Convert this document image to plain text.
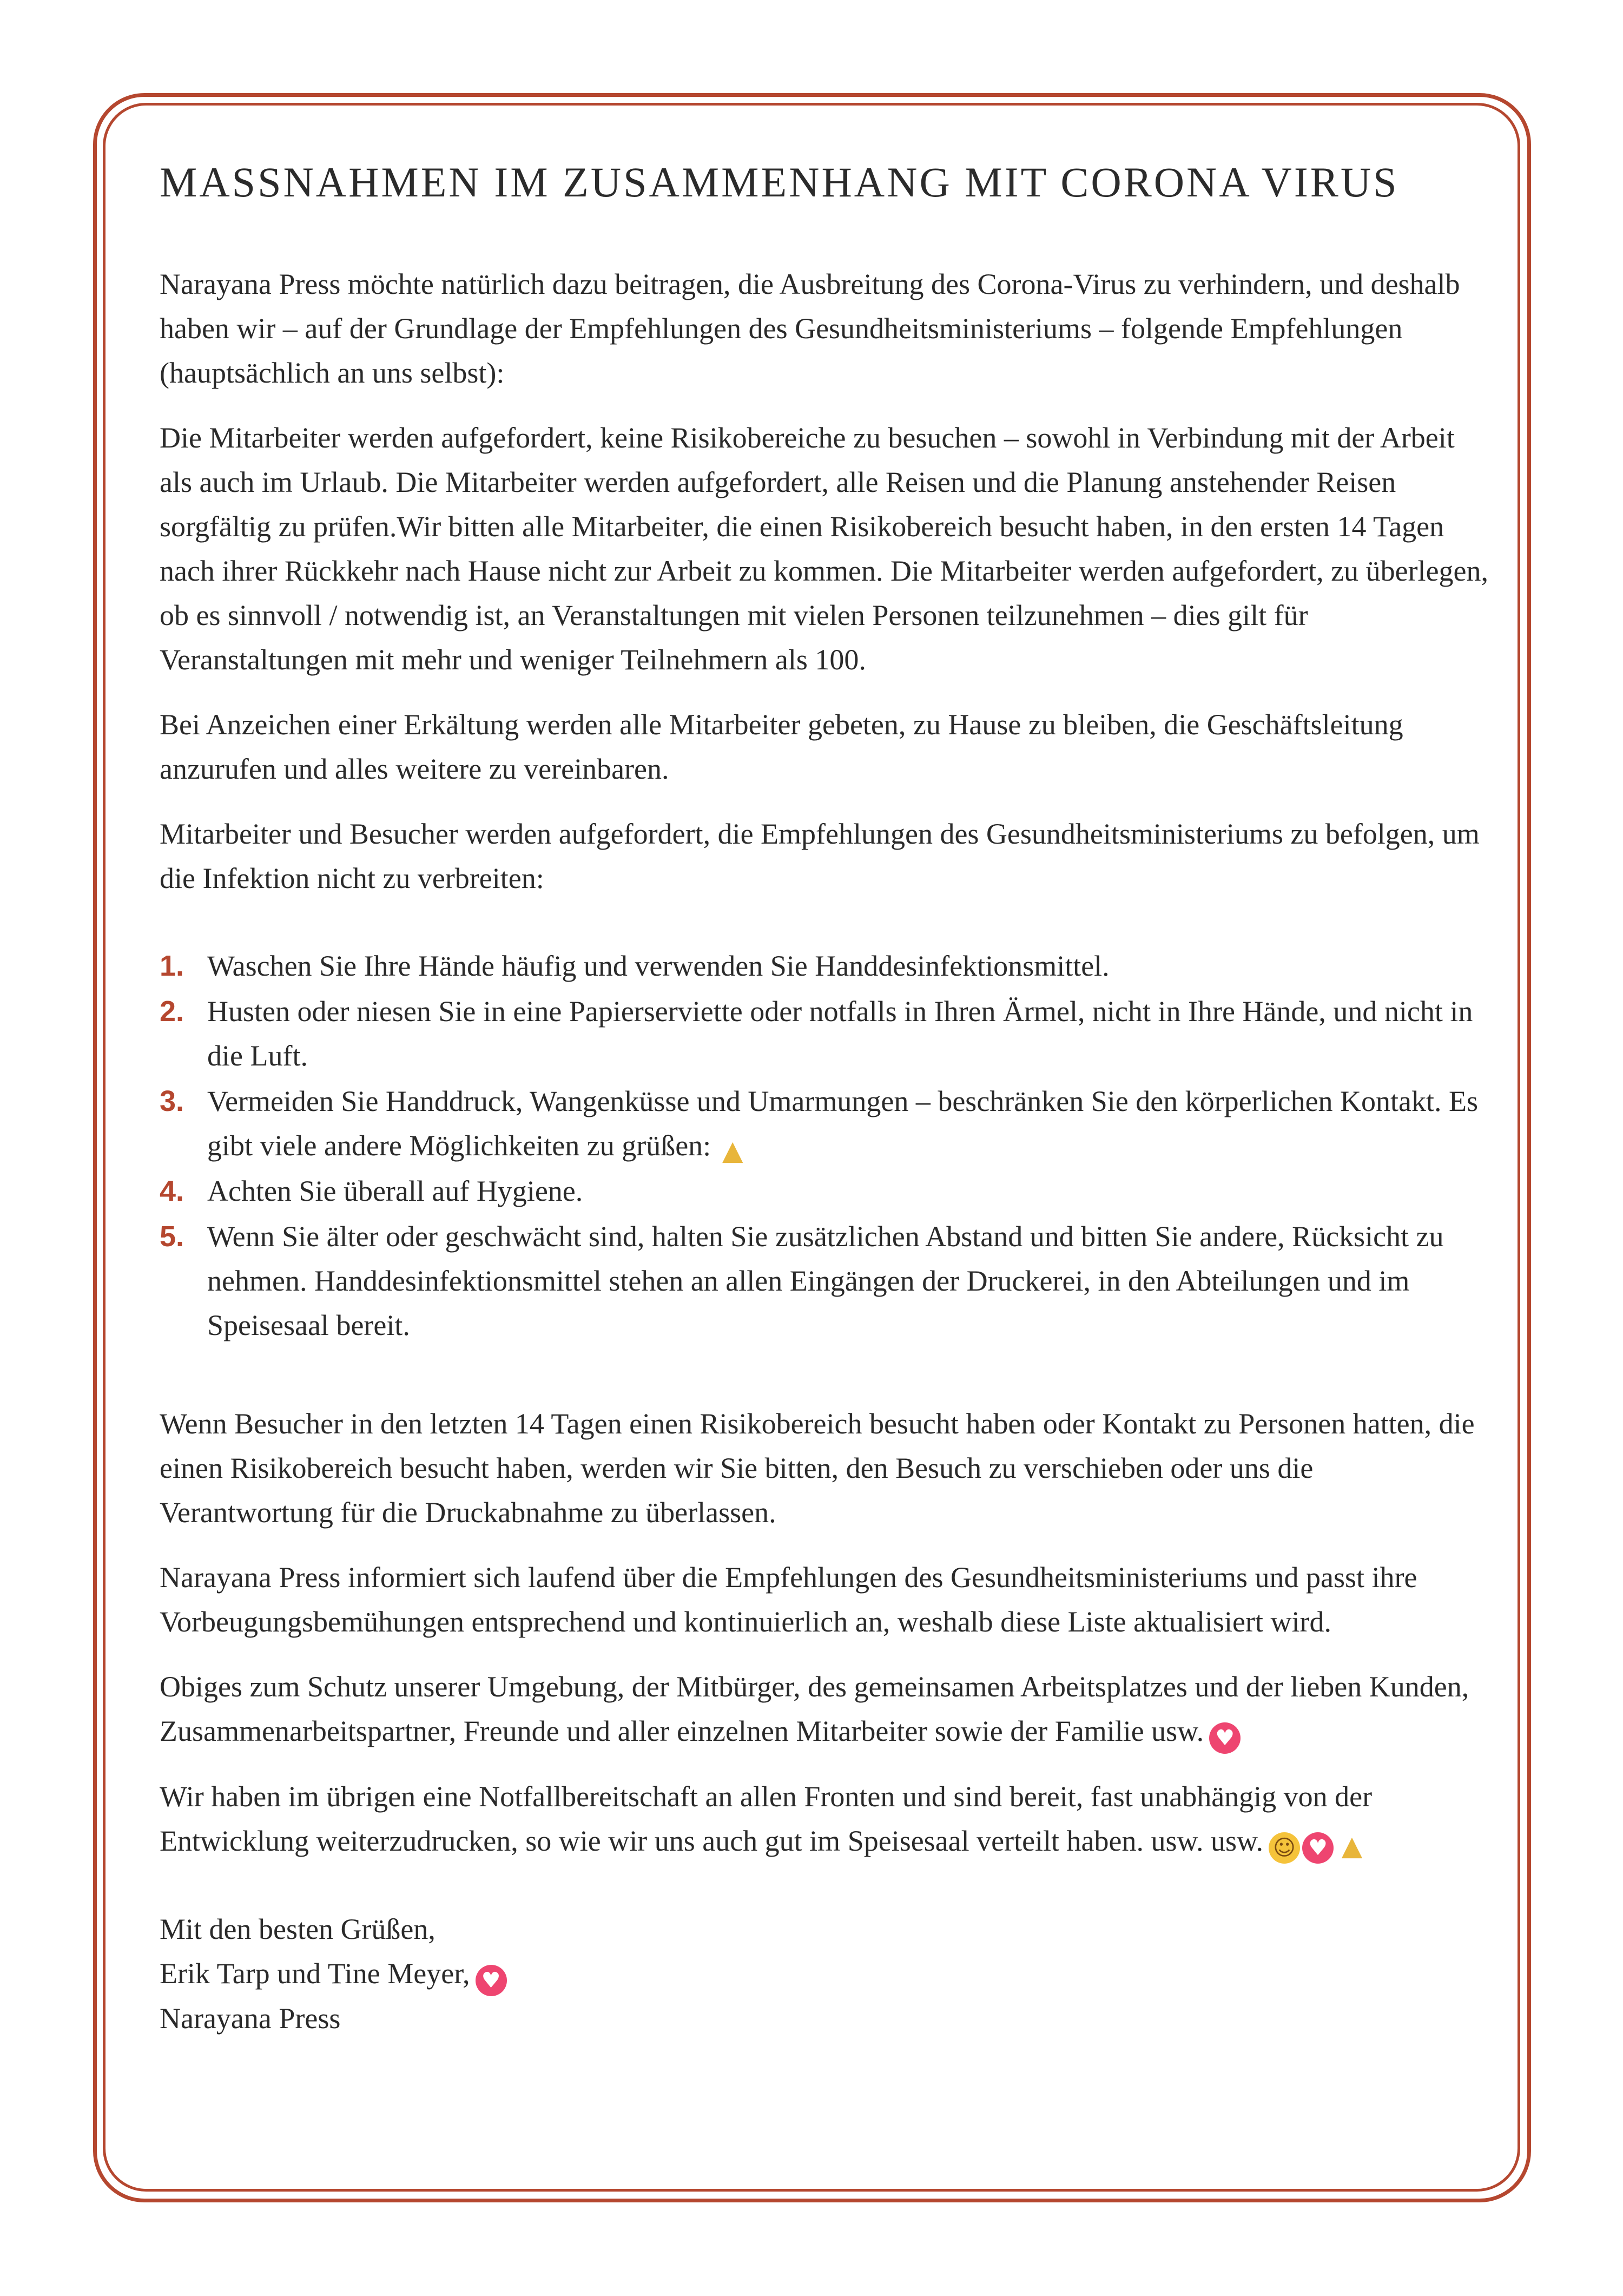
MASSNAHMEN IM ZUSAMMENHANG MIT CORONA VIRUS

Narayana Press möchte natürlich dazu beitragen, die Ausbreitung des Corona-Virus zu verhindern, und deshalb haben wir – auf der Grundlage der Empfehlungen des Gesundheitsministeriums – folgende Empfehlungen (hauptsächlich an uns selbst):

Die Mitarbeiter werden aufgefordert, keine Risikobereiche zu besuchen – sowohl in Verbindung mit der Arbeit als auch im Urlaub. Die Mitarbeiter werden aufgefordert, alle Reisen und die Planung anstehender Reisen sorgfältig zu prüfen.Wir bitten alle Mitarbeiter, die einen Risikobereich besucht haben, in den ersten 14 Tagen nach ihrer Rückkehr nach Hause nicht zur Arbeit zu kommen. Die Mitarbeiter werden aufgefordert, zu überlegen, ob es sinnvoll / notwendig ist, an Veranstaltungen mit vielen Personen teilzunehmen – dies gilt für Veranstaltungen mit mehr und weniger Teilnehmern als 100.

Bei Anzeichen einer Erkältung werden alle Mitarbeiter gebeten, zu Hause zu bleiben, die Geschäftsleitung anzurufen und alles weitere zu vereinbaren.

Mitarbeiter und Besucher werden aufgefordert, die Empfehlungen des Gesundheitsministeriums zu befolgen, um die Infektion nicht zu verbreiten:

1. Waschen Sie Ihre Hände häufig und verwenden Sie Handdesinfektionsmittel.
2. Husten oder niesen Sie in eine Papierserviette oder notfalls in Ihren Ärmel, nicht in Ihre Hände, und nicht in die Luft.
3. Vermeiden Sie Handdruck, Wangenküsse und Umarmungen – beschränken Sie den körperlichen Kontakt. Es gibt viele andere Möglichkeiten zu grüßen: ▲
4. Achten Sie überall auf Hygiene.
5. Wenn Sie älter oder geschwächt sind, halten Sie zusätzlichen Abstand und bitten Sie andere, Rücksicht zu nehmen. Handdesinfektionsmittel stehen an allen Eingängen der Druckerei, in den Abteilungen und im Speisesaal bereit.

Wenn Besucher in den letzten 14 Tagen einen Risikobereich besucht haben oder Kontakt zu Personen hatten, die einen Risikobereich besucht haben, werden wir Sie bitten, den Besuch zu verschieben oder uns die Verantwortung für die Druckabnahme zu überlassen.

Narayana Press informiert sich laufend über die Empfehlungen des Gesundheitsministeriums und passt ihre Vorbeugungsbemühungen entsprechend und kontinuierlich an, weshalb diese Liste aktualisiert wird.

Obiges zum Schutz unserer Umgebung, der Mitbürger, des gemeinsamen Arbeitsplatzes und der lieben Kunden, Zusammenarbeitspartner, Freunde und aller einzelnen Mitarbeiter sowie der Familie usw. ♥

Wir haben im übrigen eine Notfallbereitschaft an allen Fronten und sind bereit, fast unabhängig von der Entwicklung weiterzudrucken, so wie wir uns auch gut im Speisesaal verteilt haben. usw. usw. ☺ ♥ ▲

Mit den besten Grüßen,

Erik Tarp und Tine Meyer, ♥

Narayana Press
